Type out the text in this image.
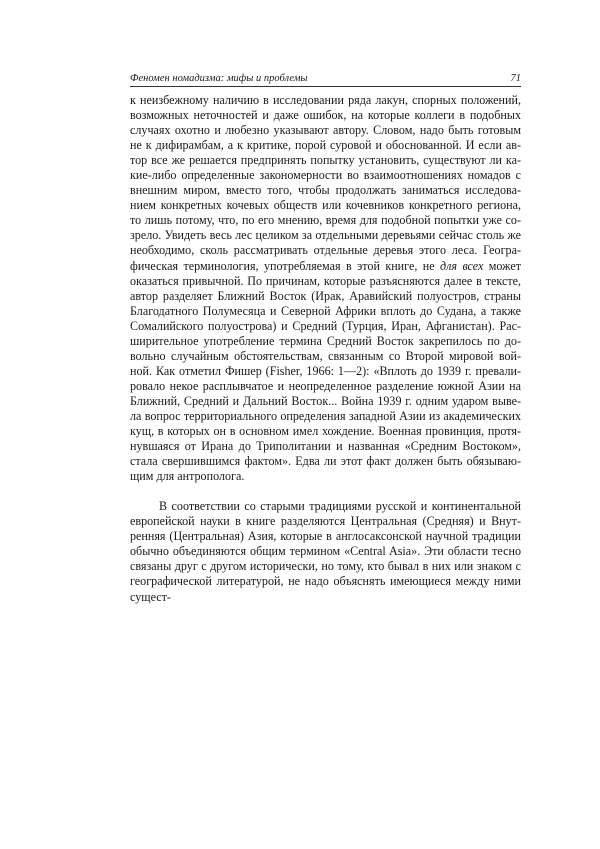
Феномен номадизма: мифы и проблемы	71
к неизбежному наличию в исследовании ряда лакун, спорных положений,
возможных неточностей и даже ошибок, на которые коллеги в подобных
случаях охотно и любезно указывают автору. Словом, надо быть готовым
не к дифирамбам, а к критике, порой суровой и обоснованной. И если ав-
тор все же решается предпринять попытку установить, существуют ли ка-
кие-либо определенные закономерности во взаимоотношениях номадов с
внешним миром, вместо того, чтобы продолжать заниматься исследова-
нием конкретных кочевых обществ или кочевников конкретного региона,
то лишь потому, что, по его мнению, время для подобной попытки уже со-
зрело. Увидеть весь лес целиком за отдельными деревьями сейчас столь же
необходимо, сколь рассматривать отдельные деревья этого леса. Геогра-
фическая терминология, употребляемая в этой книге, не для всех может
оказаться привычной. По причинам, которые разъясняются далее в тексте,
автор разделяет Ближний Восток (Ирак, Аравийский полуостров, страны
Благодатного Полумесяца и Северной Африки вплоть до Судана, а также
Сомалийского полуострова) и Средний (Турция, Иран, Афганистан). Рас-
ширительное употребление термина Средний Восток закрепилось по до-
вольно случайным обстоятельствам, связанным со Второй мировой вой-
ной. Как отметил Фишер (Fisher, 1966: 1—2): «Вплоть до 1939 г. превали-
ровало некое расплывчатое и неопределенное разделение южной Азии на
Ближний, Средний и Дальний Восток... Война 1939 г. одним ударом выве-
ла вопрос территориального определения западной Азии из академических
кущ, в которых он в основном имел хождение. Военная провинция, протя-
нувшаяся от Ирана до Триполитании и названная «Средним Востоком»,
стала свершившимся фактом». Едва ли этот факт должен быть обязываю-
щим для антрополога.
В соответствии со старыми традициями русской и континентальной
европейской науки в книге разделяются Центральная (Средняя) и Внут-
ренняя (Центральная) Азия, которые в англосаксонской научной традиции
обычно объединяются общим термином «Central Asia». Эти области тесно
связаны друг с другом исторически, но тому, кто бывал в них или знаком с
географической литературой, не надо объяснять имеющиеся между ними
сущест-
